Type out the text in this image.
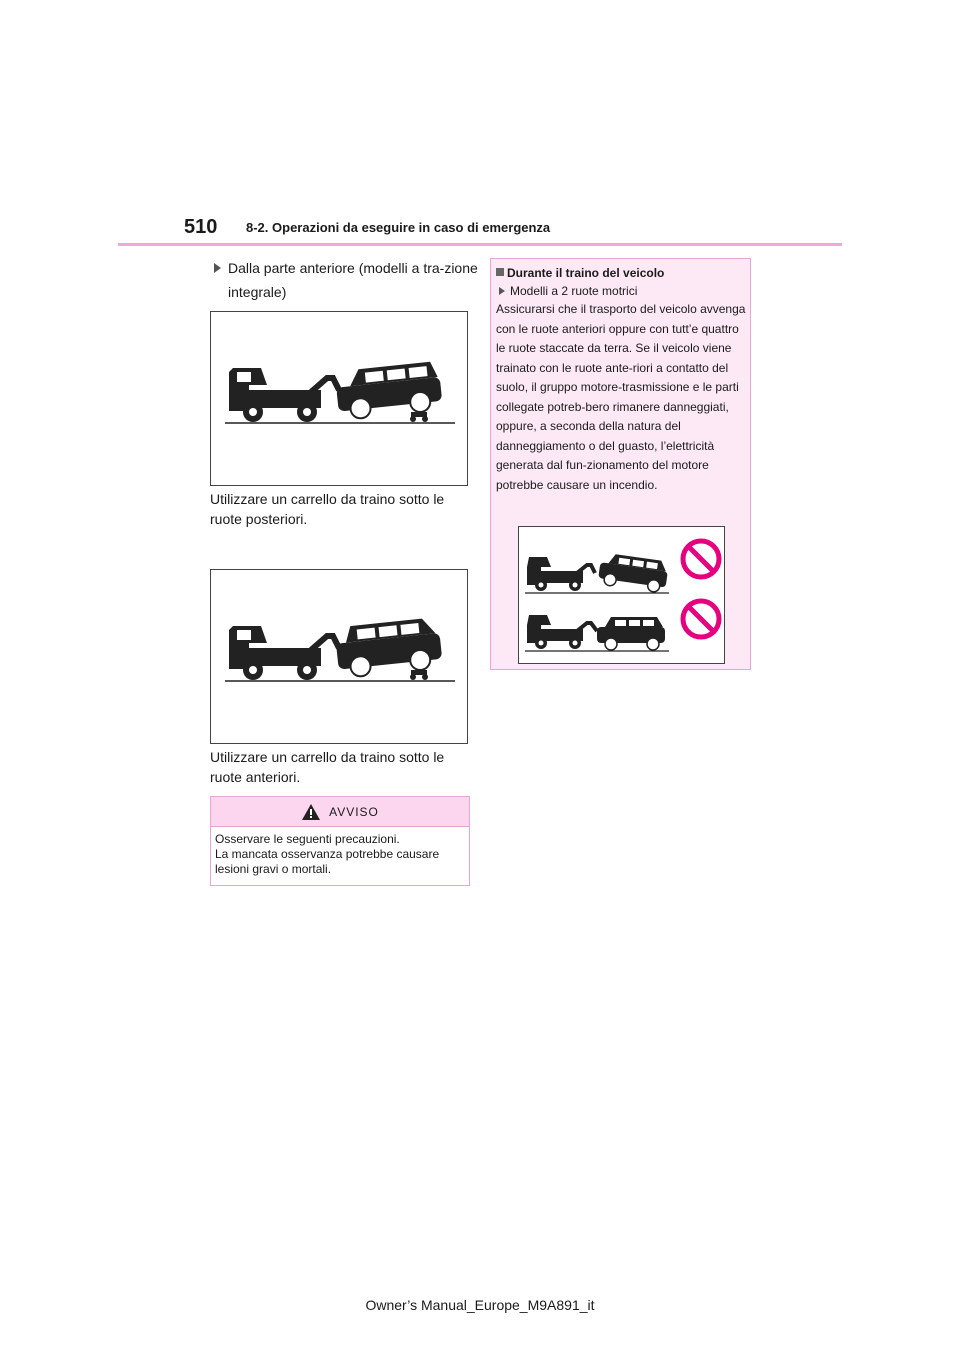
510 8-2. Operazioni da eseguire in caso di emergenza
Dalla parte anteriore (modelli a tra-zione integrale)
Utilizzare un carrello da traino sotto le ruote posteriori.
Utilizzare un carrello da traino sotto le ruote anteriori.
AVVISO
Osservare le seguenti precauzioni.
La mancata osservanza potrebbe causare lesioni gravi o mortali.
Durante il traino del veicolo
Modelli a 2 ruote motrici
Assicurarsi che il trasporto del veicolo avvenga con le ruote anteriori oppure con tutt’e quattro le ruote staccate da terra. Se il veicolo viene trainato con le ruote ante-riori a contatto del suolo, il gruppo motore-trasmissione e le parti collegate potreb-bero rimanere danneggiati, oppure, a seconda della natura del danneggiamento o del guasto, l’elettricità generata dal fun-zionamento del motore potrebbe causare un incendio.
Owner’s Manual_Europe_M9A891_it
